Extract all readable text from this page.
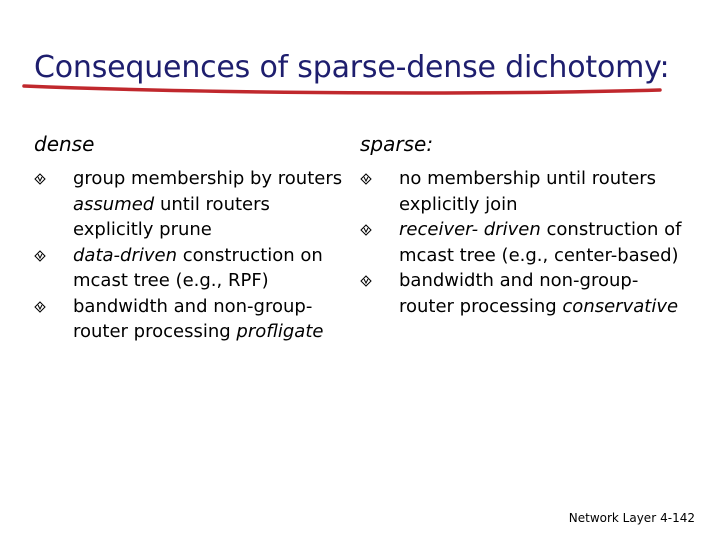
Consequences of sparse-dense dichotomy:
dense
group membership by routers assumed until routers explicitly prune
data-driven construction on mcast tree (e.g., RPF)
bandwidth and non-group-router processing profligate
sparse:
no membership until routers explicitly join
receiver- driven construction of mcast tree (e.g., center-based)
bandwidth and non-group-router processing conservative
Network Layer 4-142
